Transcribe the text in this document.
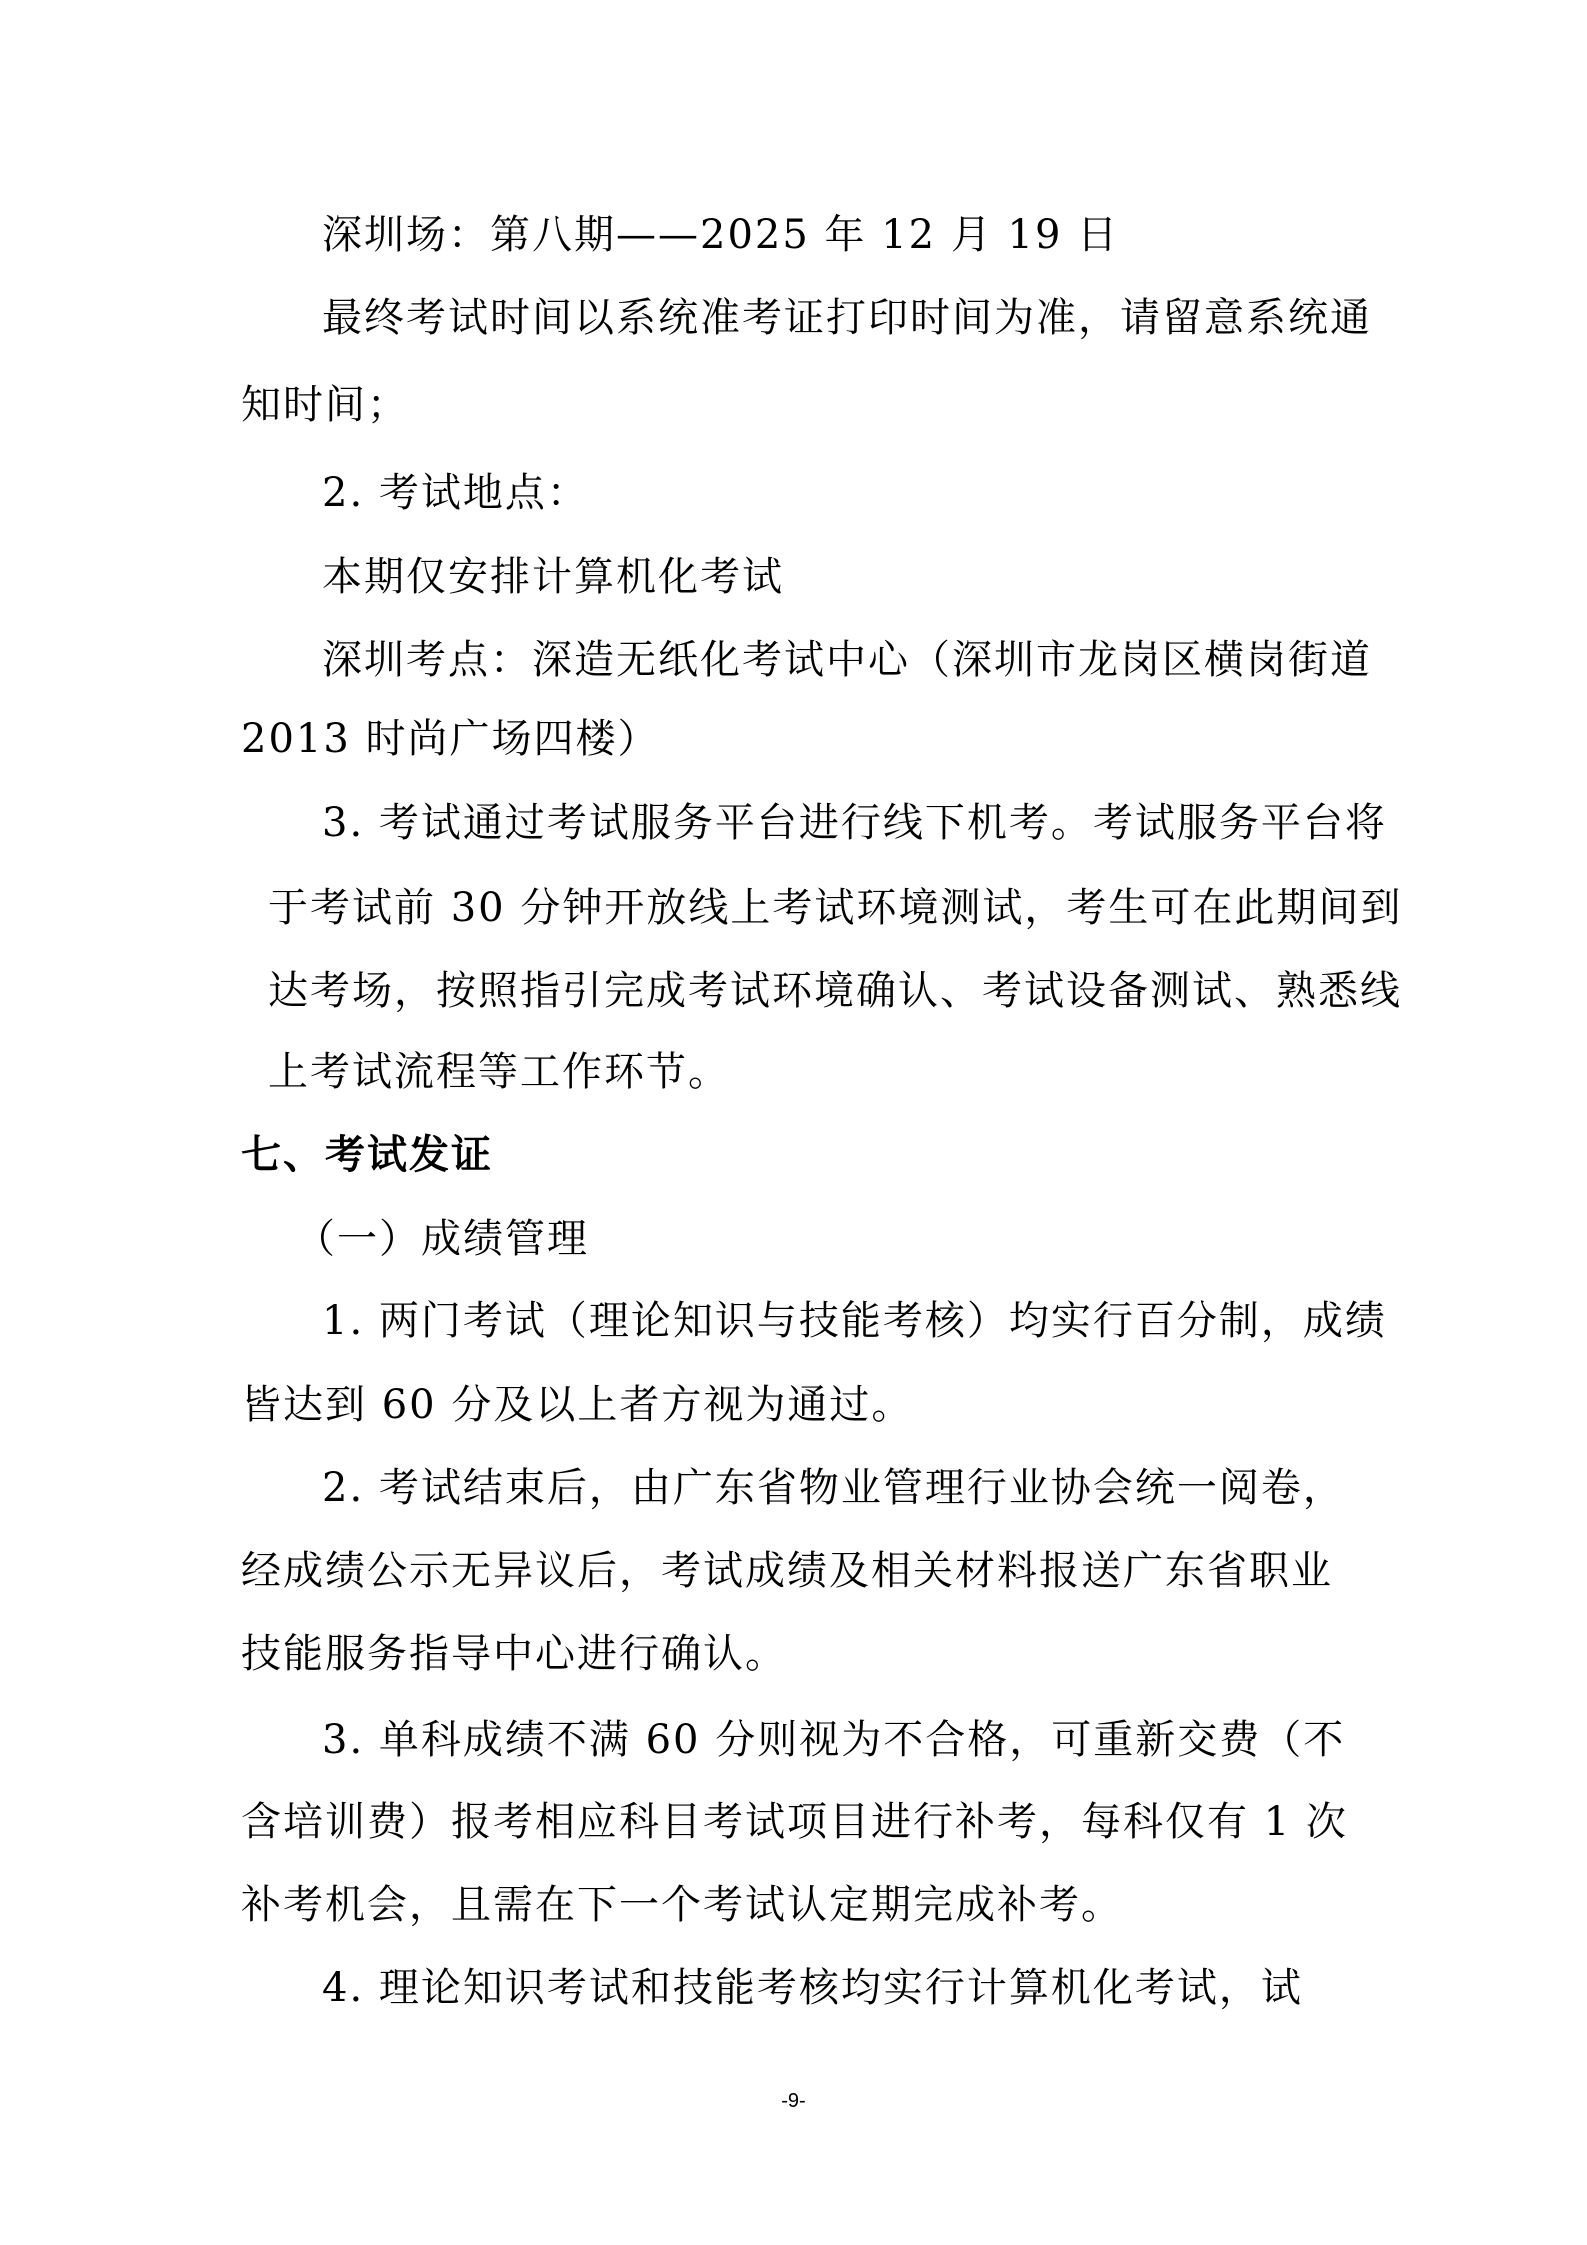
深圳场：第八期——2025 年 12 月 19 日
最终考试时间以系统准考证打印时间为准，请留意系统通
知时间；
2. 考试地点：
本期仅安排计算机化考试
深圳考点：深造无纸化考试中心（深圳市龙岗区横岗街道
2013 时尚广场四楼）
3. 考试通过考试服务平台进行线下机考。考试服务平台将
于考试前 30 分钟开放线上考试环境测试，考生可在此期间到
达考场，按照指引完成考试环境确认、考试设备测试、熟悉线
上考试流程等工作环节。
七、考试发证
（一）成绩管理
1. 两门考试（理论知识与技能考核）均实行百分制，成绩
皆达到 60 分及以上者方视为通过。
2. 考试结束后，由广东省物业管理行业协会统一阅卷，
经成绩公示无异议后，考试成绩及相关材料报送广东省职业
技能服务指导中心进行确认。
3. 单科成绩不满 60 分则视为不合格，可重新交费（不
含培训费）报考相应科目考试项目进行补考，每科仅有 1 次
补考机会，且需在下一个考试认定期完成补考。
4. 理论知识考试和技能考核均实行计算机化考试，试
-9-
